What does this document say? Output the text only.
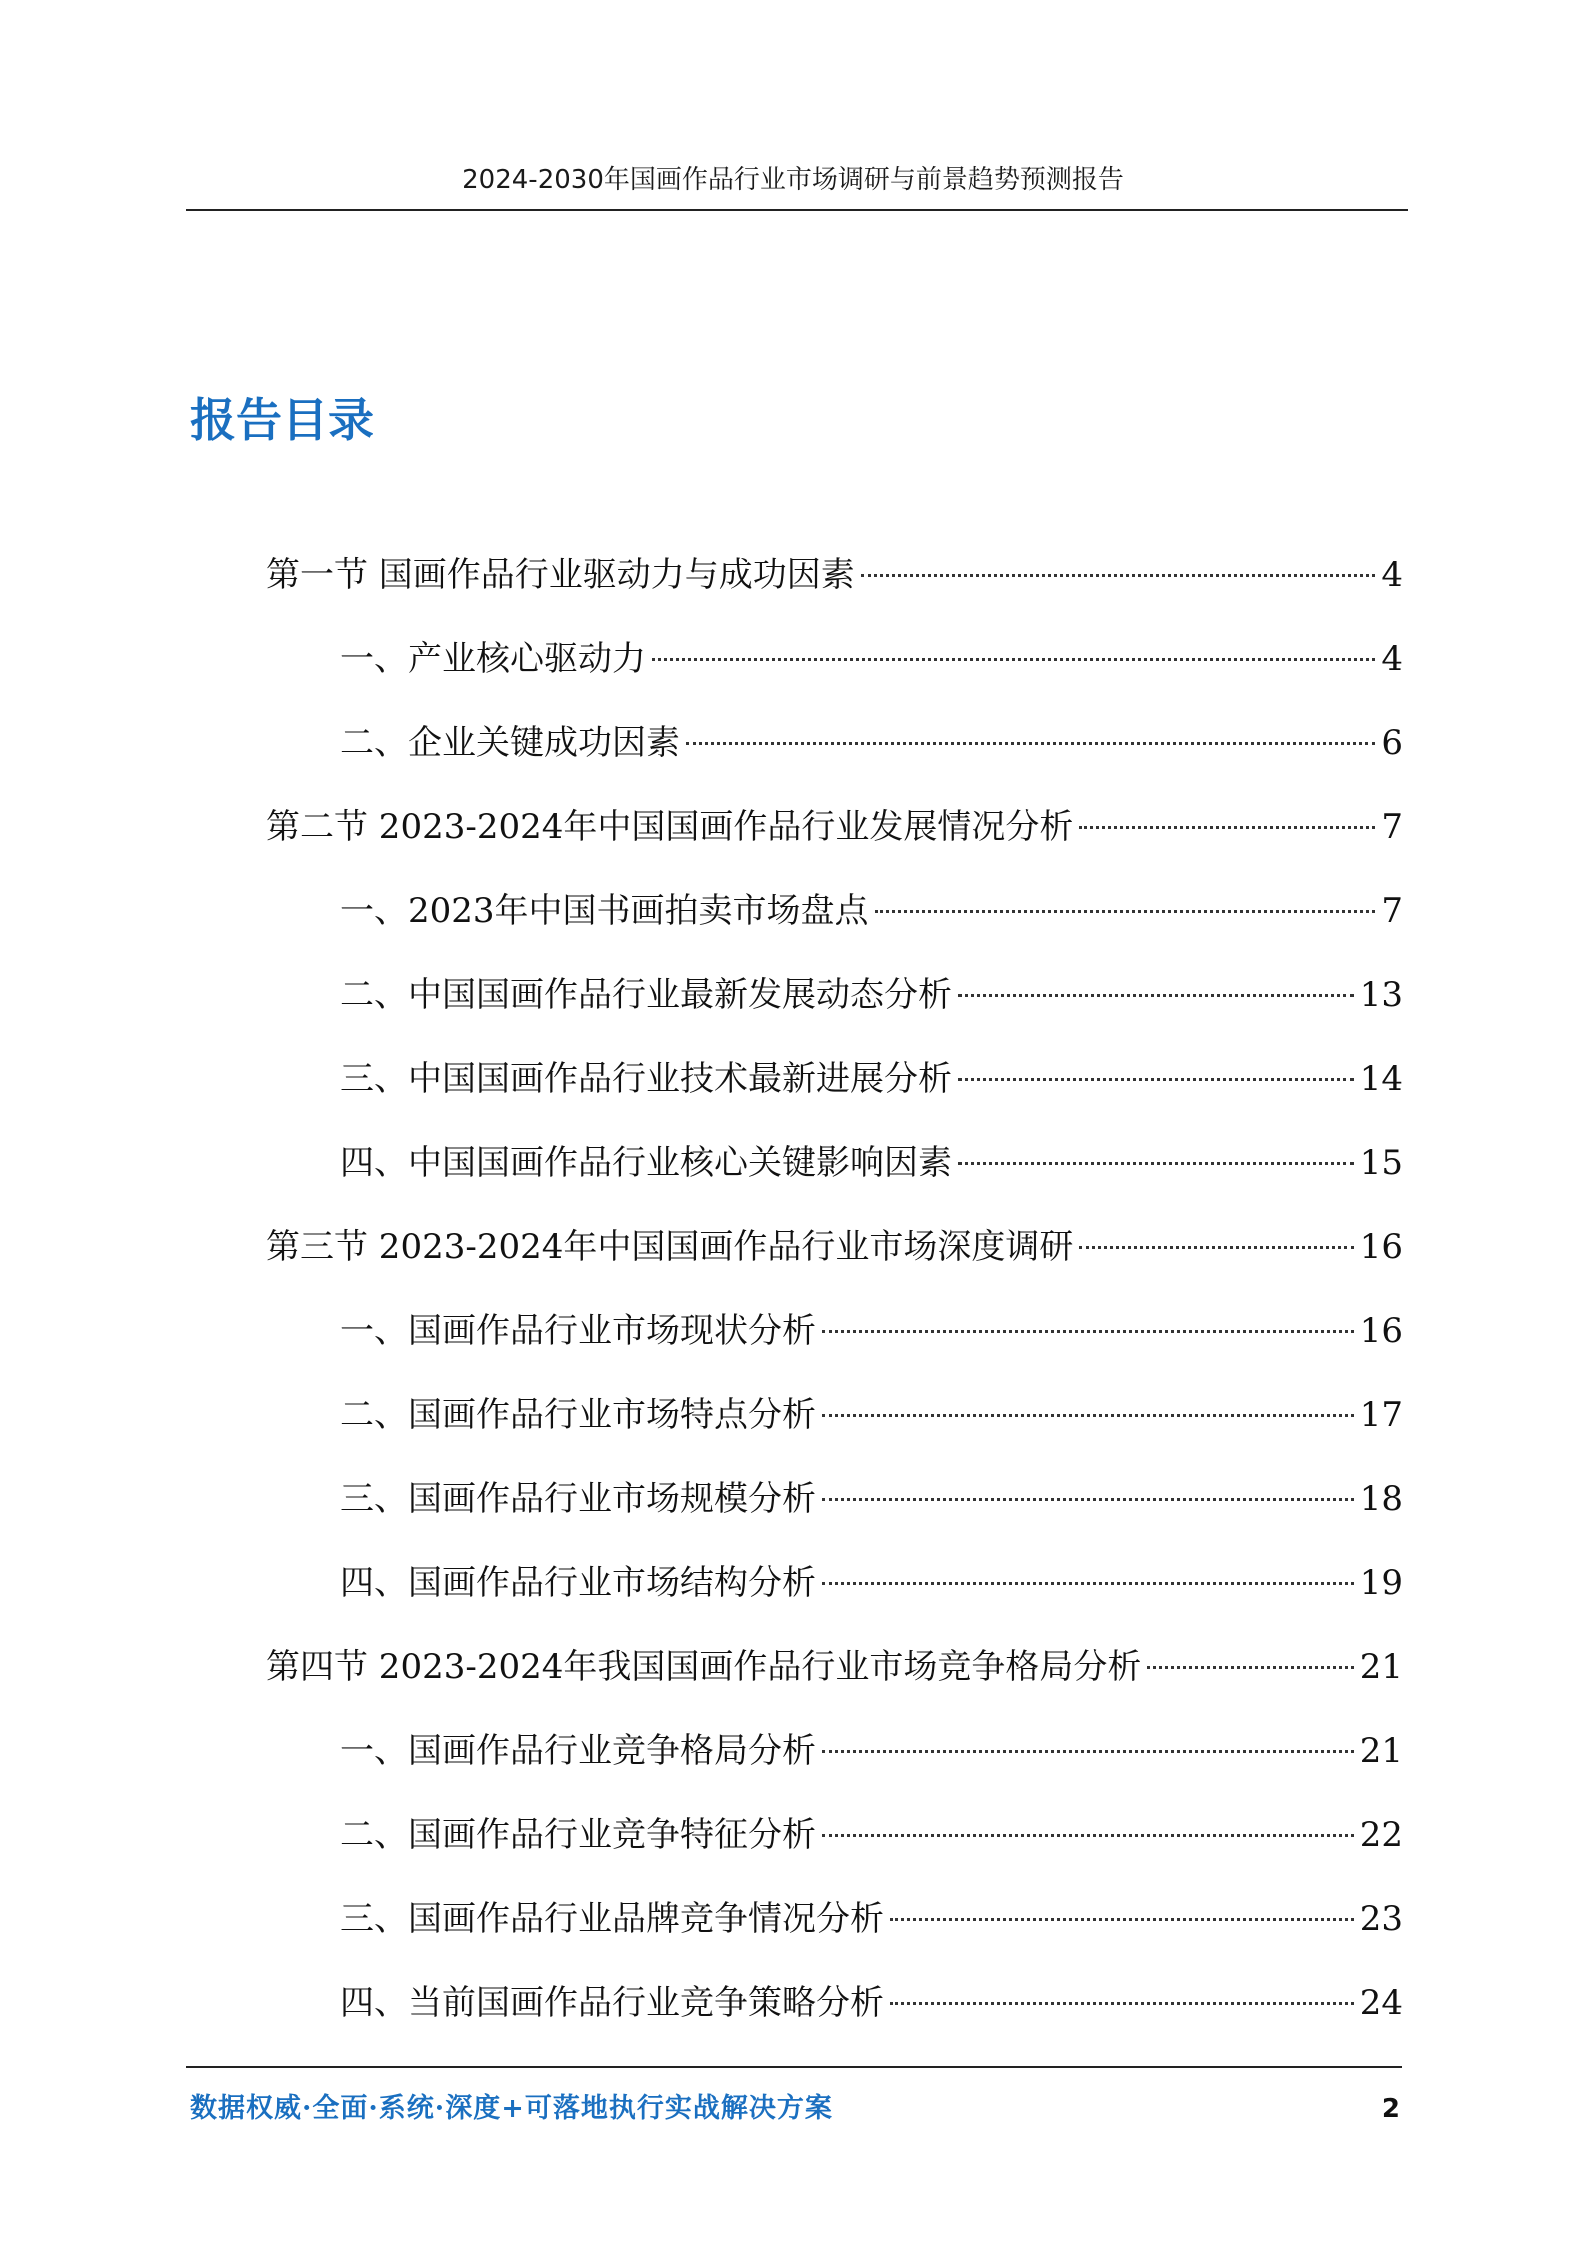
2024-2030年国画作品行业市场调研与前景趋势预测报告
报告目录
第一节 国画作品行业驱动力与成功因素	4
一、产业核心驱动力	4
二、企业关键成功因素	6
第二节 2023-2024年中国国画作品行业发展情况分析	7
一、2023年中国书画拍卖市场盘点	7
二、中国国画作品行业最新发展动态分析	13
三、中国国画作品行业技术最新进展分析	14
四、中国国画作品行业核心关键影响因素	15
第三节 2023-2024年中国国画作品行业市场深度调研	16
一、国画作品行业市场现状分析	16
二、国画作品行业市场特点分析	17
三、国画作品行业市场规模分析	18
四、国画作品行业市场结构分析	19
第四节 2023-2024年我国国画作品行业市场竞争格局分析	21
一、国画作品行业竞争格局分析	21
二、国画作品行业竞争特征分析	22
三、国画作品行业品牌竞争情况分析	23
四、当前国画作品行业竞争策略分析	24
数据权威·全面·系统·深度+可落地执行实战解决方案	2
